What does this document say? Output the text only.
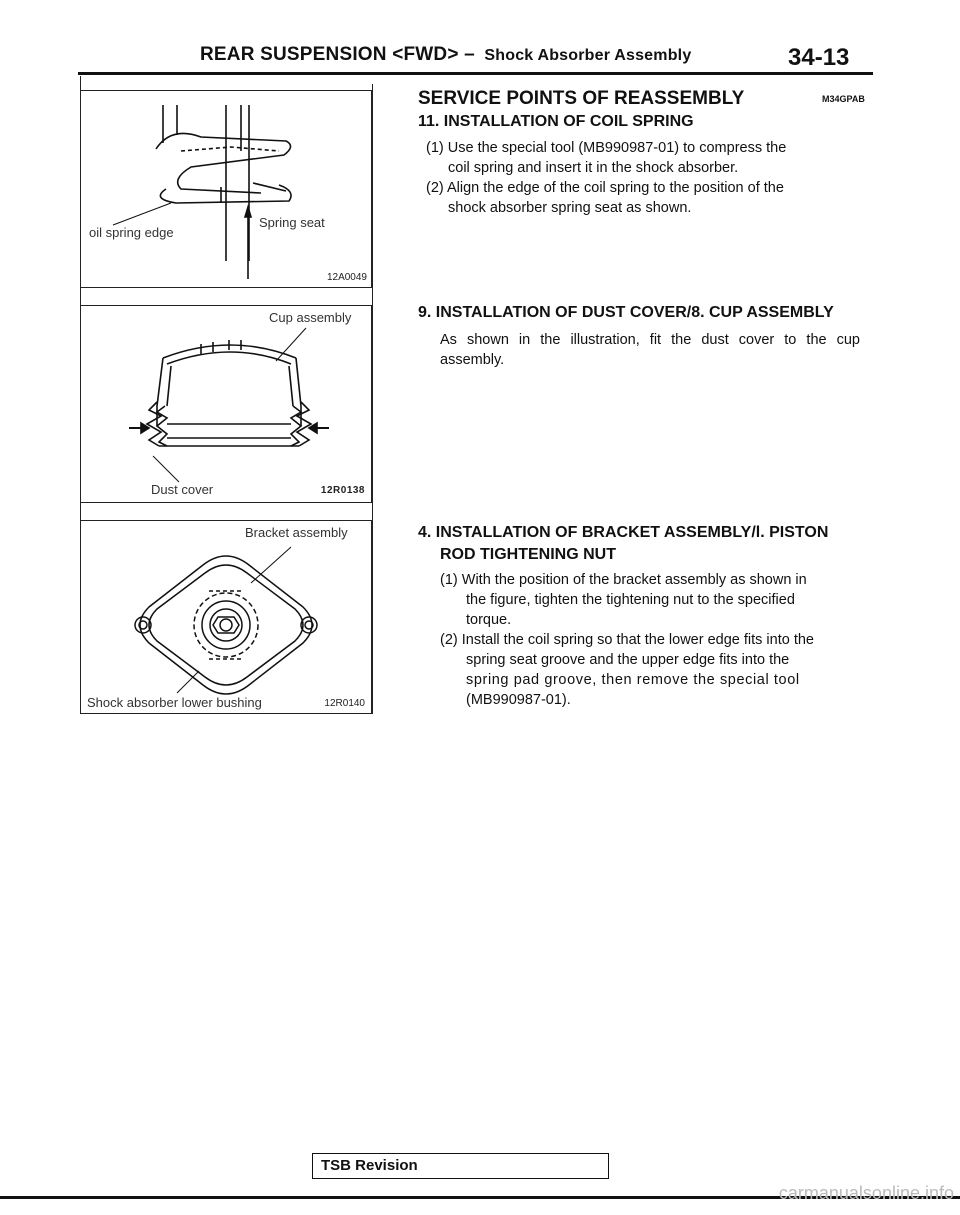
REAR SUSPENSION <FWD> – Shock Absorber Assembly	34-13
oil spring edge
Spring seat
12A0049
Cup assembly
Dust cover	12R0138
Bracket assembly
Shock absorber lower bushing	12R0140
SERVICE POINTS OF REASSEMBLY	M34GPAB
11. INSTALLATION OF COIL SPRING
(1) Use the special tool (MB990987-01) to compress the
coil spring and insert it in the shock absorber.
(2) Align the edge of the coil spring to the position of the
shock absorber spring seat as shown.
9. INSTALLATION OF DUST COVER/8. CUP ASSEMBLY
As shown in the illustration, fit the dust cover to the cup assembly.
4. INSTALLATION OF BRACKET ASSEMBLY/l. PISTON
ROD TIGHTENING NUT
(1) With the position of the bracket assembly as shown in
the figure, tighten the tightening nut to the specified
torque.
(2) Install the coil spring so that the lower edge fits into the
spring seat groove and the upper edge fits into the
spring pad groove, then remove the special tool
(MB990987-01).
TSB Revision
carmanualsonline.info
